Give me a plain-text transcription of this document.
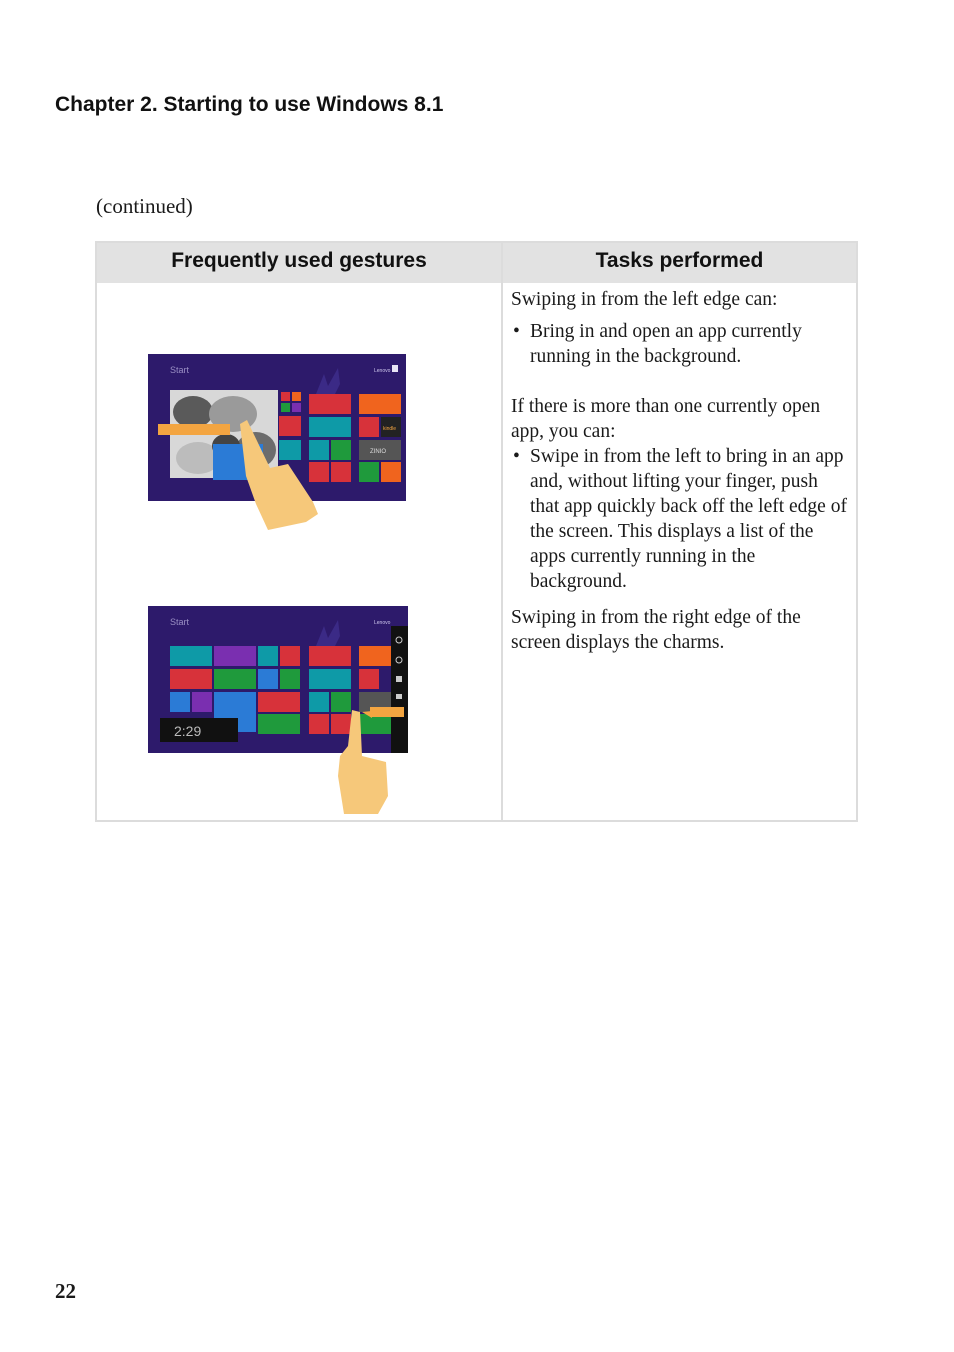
Chapter 2. Starting to use Windows 8.1
(continued)
Frequently used gestures	Tasks performed

Swiping in from the left edge can:

• Bring in and open an app currently running in the background.

If there is more than one currently open app, you can:

• Swipe in from the left to bring in an app and, without lifting your finger, push that app quickly back off the left edge of the screen. This displays a list of the apps currently running in the background.

Swiping in from the right edge of the screen displays the charms.

Start	Lenovo
kindle
ZINIO
Start	Lenovo
2:29
22
